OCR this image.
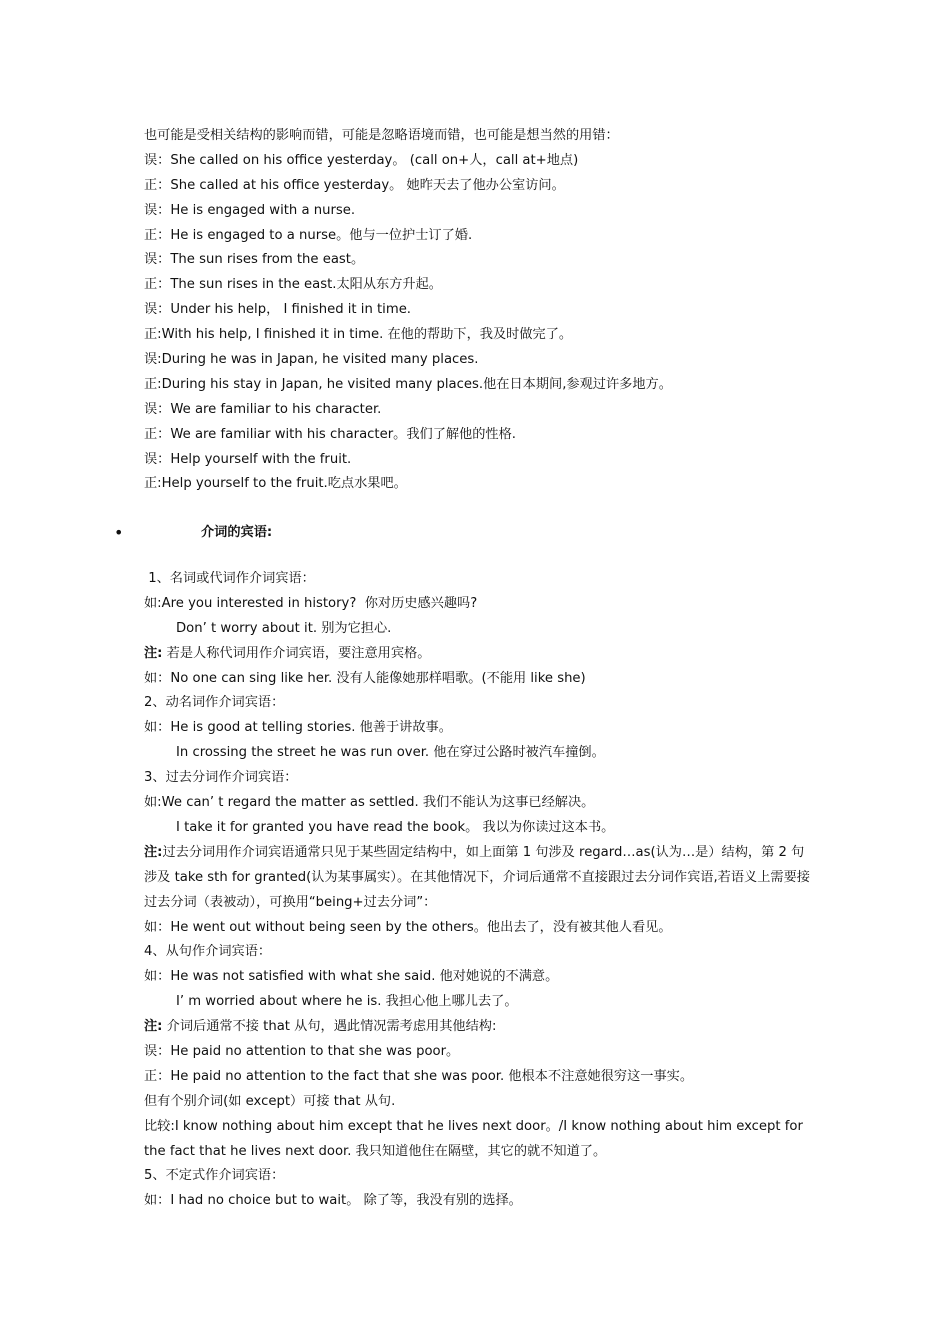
也可能是受相关结构的影响而错，可能是忽略语境而错，也可能是想当然的用错：
误：She called on his office yesterday。 (call on+人，call at+地点)
正：She called at his office yesterday。 她昨天去了他办公室访问。
误：He is engaged with a nurse.
正：He is engaged to a nurse。他与一位护士订了婚.
误：The sun rises from the east。
正：The sun rises in the east.太阳从东方升起。
误：Under his help， I finished it in time.
正:With his help, I finished it in time. 在他的帮助下，我及时做完了。
误:During he was in Japan, he visited many places.
正:During his stay in Japan, he visited many places.他在日本期间,参观过许多地方。
误：We are familiar to his character.
正：We are familiar with his character。我们了解他的性格.
误：Help yourself with the fruit.
正:Help yourself to the fruit.吃点水果吧。
•	介词的宾语:
1、名词或代词作介词宾语：
如:Are you interested in history?  你对历史感兴趣吗?
Don’ t worry about it. 别为它担心.
注: 若是人称代词用作介词宾语，要注意用宾格。
如：No one can sing like her. 没有人能像她那样唱歌。(不能用 like she)
2、动名词作介词宾语：
如：He is good at telling stories. 他善于讲故事。
In crossing the street he was run over. 他在穿过公路时被汽车撞倒。
3、过去分词作介词宾语：
如:We can’ t regard the matter as settled. 我们不能认为这事已经解决。
I take it for granted you have read the book。 我以为你读过这本书。
注:过去分词用作介词宾语通常只见于某些固定结构中，如上面第 1 句涉及 regard…as(认为…是）结构，第 2 句涉及 take sth for granted(认为某事属实）。在其他情况下，介词后通常不直接跟过去分词作宾语,若语义上需要接过去分词（表被动），可换用“being+过去分词”：
如：He went out without being seen by the others。他出去了，没有被其他人看见。
4、从句作介词宾语：
如：He was not satisfied with what she said. 他对她说的不满意。
I’ m worried about where he is. 我担心他上哪儿去了。
注: 介词后通常不接 that 从句，遇此情况需考虑用其他结构:
误：He paid no attention to that she was poor。
正：He paid no attention to the fact that she was poor. 他根本不注意她很穷这一事实。
但有个别介词(如 except）可接 that 从句.
比较:I know nothing about him except that he lives next door。/I know nothing about him except for the fact that he lives next door. 我只知道他住在隔壁，其它的就不知道了。
5、不定式作介词宾语：
如：I had no choice but to wait。 除了等，我没有别的选择。
